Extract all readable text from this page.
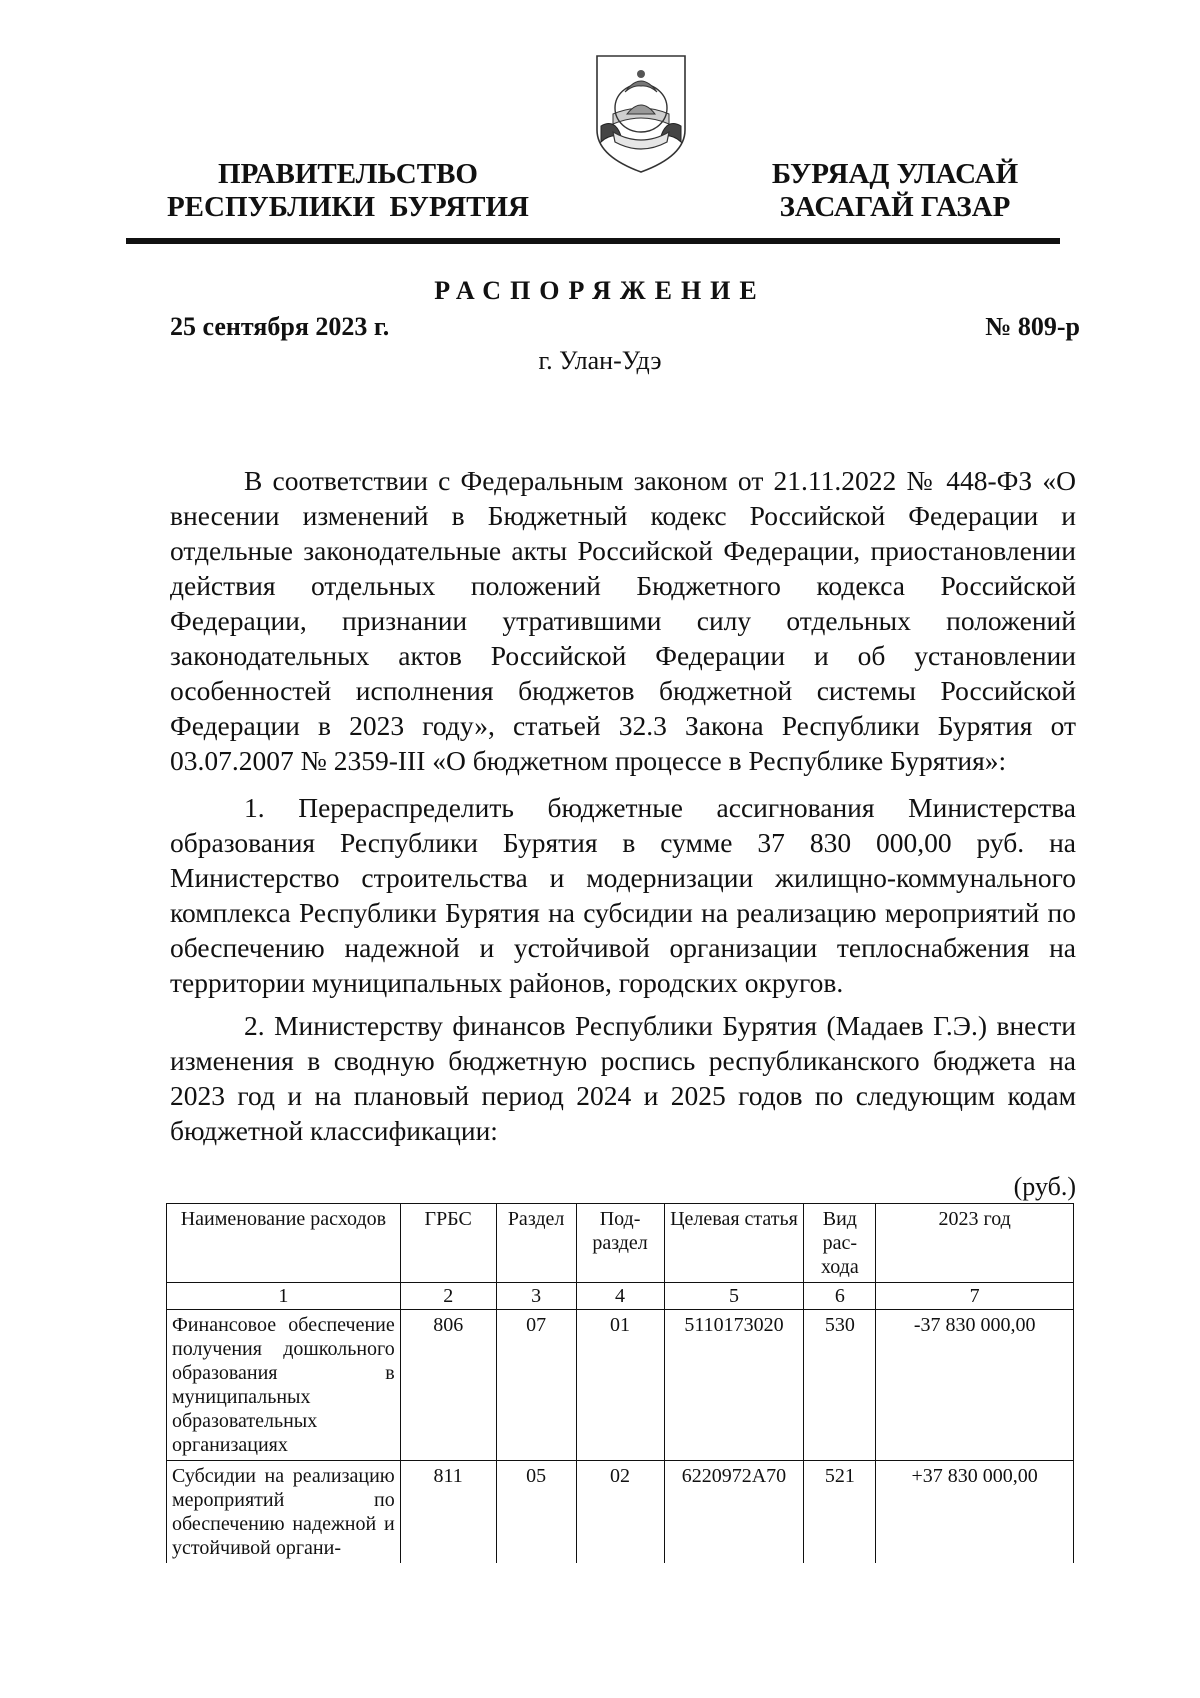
ПРАВИТЕЛЬСТВО
РЕСПУБЛИКИ  БУРЯТИЯ
БУРЯАД УЛАСАЙ
ЗАСАГАЙ ГАЗАР
РАСПОРЯЖЕНИЕ
25 сентября 2023 г.	№ 809-р
г. Улан-Удэ

В соответствии с Федеральным законом от 21.11.2022 № 448-ФЗ «О внесении изменений в Бюджетный кодекс Российской Федерации и отдельные законодательные акты Российской Федерации, приостановлении действия отдельных положений Бюджетного кодекса Российской Федерации, признании утратившими силу отдельных положений законодательных актов Российской Федерации и об установлении особенностей исполнения бюджетов бюджетной системы Российской Федерации в 2023 году», статьей 32.3 Закона Республики Бурятия от 03.07.2007 № 2359-III «О бюджетном процессе в Республике Бурятия»:

1. Перераспределить бюджетные ассигнования Министерства образования Республики Бурятия в сумме 37 830 000,00 руб. на Министерство строительства и модернизации жилищно-коммунального комплекса Республики Бурятия на субсидии на реализацию мероприятий по обеспечению надежной и устойчивой организации теплоснабжения на территории муниципальных районов, городских округов.

2. Министерству финансов Республики Бурятия (Мадаев Г.Э.) внести изменения в сводную бюджетную роспись республиканского бюджета на 2023 год и на плановый период 2024 и 2025 годов по следующим кодам бюджетной классификации:

(руб.)
Наименование расходов	ГРБС	Раздел	Под-раздел	Целевая статья	Вид рас-хода	2023 год
1	2	3	4	5	6	7
Финансовое обеспечение получения дошкольного образования в муниципальных образовательных организациях	806	07	01	5110173020	530	-37 830 000,00
Субсидии на реализацию мероприятий по обеспечению надежной и устойчивой органи-	811	05	02	6220972A70	521	+37 830 000,00
